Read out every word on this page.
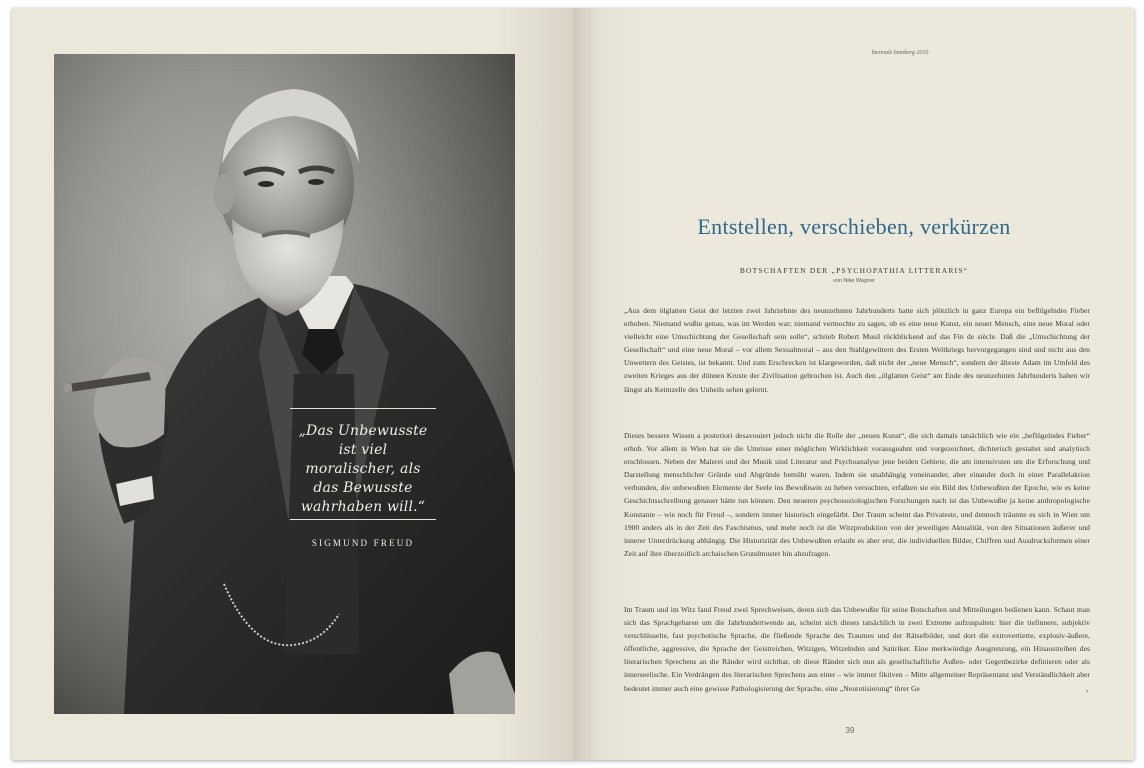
„Das Unbewusste ist viel moralischer, als das Bewusste wahrhaben will.“
SIGMUND FREUD
biennale bamberg 2010
Entstellen, verschieben, verkürzen
BOTSCHAFTEN DER „PSYCHOPATHIA LITTERARIS“
von Nike Wagner
„Aus dem ölglatten Geist der letzten zwei Jahrzehnte des neunzehnten Jahrhunderts hatte sich plötzlich in ganz Europa ein beflügelndes Fieber erhoben. Niemand wußte genau, was im Werden war; niemand vermochte zu sagen, ob es eine neue Kunst, ein neuer Mensch, eine neue Moral oder vielleicht eine Umschichtung der Gesellschaft sein solle“, schrieb Robert Musil rückblickend auf das Fin de siècle. Daß die „Umschichtung der Gesellschaft“ und eine neue Moral – vor allem Sexualmoral – aus den Stahlgewittern des Ersten Weltkriegs hervorgegangen sind und nicht aus den Unwettern des Geistes, ist bekannt. Und zum Erschrecken ist klargeworden, daß nicht der „neue Mensch“, sondern der älteste Adam im Umfeld des zweiten Krieges aus der dünnen Kruste der Zivilisation gebrochen ist. Auch den „ölglatten Geist“ am Ende des neunzehnten Jahrhunderts haben wir längst als Keimzelle des Unheils sehen gelernt.
Dieses bessere Wissen a posteriori desavouiert jedoch nicht die Rolle der „neuen Kunst“, die sich damals tatsächlich wie ein „beflügelndes Fieber“ erhob. Vor allem in Wien hat sie die Umrisse einer möglichen Wirklichkeit vorausgeahnt und vorgezeichnet, dichterisch gestaltet und analytisch erschlossen. Neben der Malerei und der Musik sind Literatur und Psychoanalyse jene beiden Gebiete, die am intensivsten um die Erforschung und Darstellung menschlicher Gründe und Abgründe bemüht waren. Indem sie unabhängig voneinander, aber einander doch in einer Parallelaktion verbunden, die unbewußten Elemente der Seele ins Bewußtsein zu heben versuchten, erfaßten sie ein Bild des Unbewußten der Epoche, wie es keine Geschichtsschreibung genauer hätte tun können. Den neueren psychosoziologischen Forschungen nach ist das Unbewußte ja keine anthropologische Konstante – wie noch für Freud –, sondern immer historisch eingefärbt. Der Traum scheint das Privateste, und dennoch träumte es sich in Wien um 1900 anders als in der Zeit des Faschismus, und mehr noch ist die Witzproduktion von der jeweiligen Aktualität, von den Situationen äußerer und innerer Unterdrückung abhängig. Die Historizität des Unbewußten erlaubt es aber erst, die individuellen Bilder, Chiffren und Ausdrucksformen einer Zeit auf ihre überzeitlich archaischen Grundmuster hin abzufragen.
Im Traum und im Witz fand Freud zwei Sprechweisen, deren sich das Unbewußte für seine Botschaften und Mitteilungen bedienen kann. Schaut man sich das Sprachgebaren um die Jahrhundertwende an, scheint sich dieses tatsächlich in zwei Extreme aufzuspalten: hier die tiefinnere, subjektiv verschlüsselte, fast psychotische Sprache, die fließende Sprache des Traumes und der Rätselbilder, und dort die extrovertierte, explosiv-äußere, öffentliche, aggressive, die Sprache der Geistreichen, Witzigen, Witzelnden und Satiriker. Eine merkwürdige Ausgrenzung, ein Hinaustreiben des literarischen Sprechens an die Ränder wird sichtbar, ob diese Ränder sich nun als gesellschaftliche Außen- oder Gegenbezirke definieren oder als innerseelische. Ein Verdrängen des literarischen Sprechens aus einer – wie immer fiktiven – Mitte allgemeiner Repräsentanz und Verständlichkeit aber bedeutet immer auch eine gewisse Pathologisierung der Sprache, eine „Neurotisierung“ ihrer Ge	›
39
